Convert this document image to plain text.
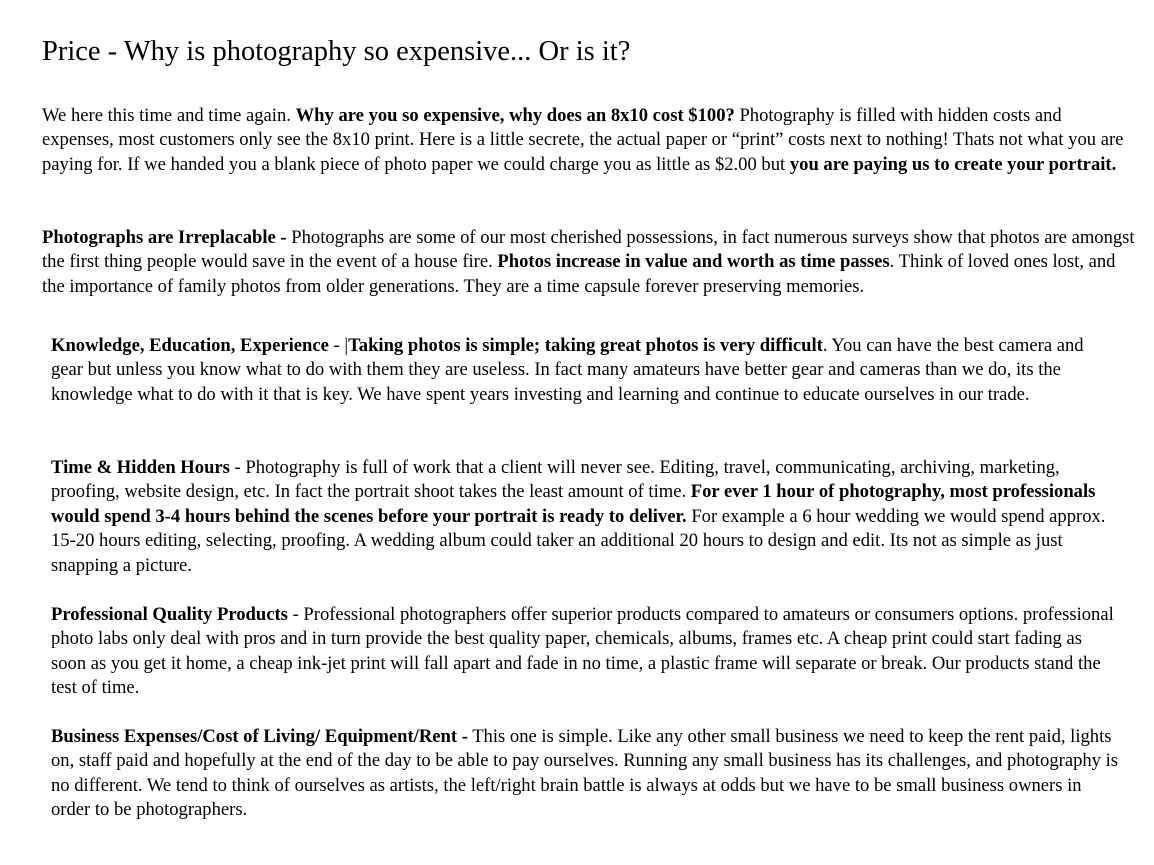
Price - Why is photography so expensive... Or is it?

We here this time and time again. Why are you so expensive, why does an 8x10 cost $100? Photography is filled with hidden costs and expenses, most customers only see the 8x10 print. Here is a little secrete, the actual paper or “print” costs next to nothing! Thats not what you are paying for. If we handed you a blank piece of photo paper we could charge you as little as $2.00 but you are paying us to create your portrait.

Photographs are Irreplacable - Photographs are some of our most cherished possessions, in fact numerous surveys show that photos are amongst the first thing people would save in the event of a house fire. Photos increase in value and worth as time passes. Think of loved ones lost, and the importance of family photos from older generations. They are a time capsule forever preserving memories.

Knowledge, Education, Experience - |Taking photos is simple; taking great photos is very difficult. You can have the best camera and gear but unless you know what to do with them they are useless. In fact many amateurs have better gear and cameras than we do, its the knowledge what to do with it that is key. We have spent years investing and learning and continue to educate ourselves in our trade.

Time & Hidden Hours - Photography is full of work that a client will never see. Editing, travel, communicating, archiving, marketing, proofing, website design, etc. In fact the portrait shoot takes the least amount of time. For ever 1 hour of photography, most professionals would spend 3-4 hours behind the scenes before your portrait is ready to deliver. For example a 6 hour wedding we would spend approx. 15-20 hours editing, selecting, proofing. A wedding album could taker an additional 20 hours to design and edit. Its not as simple as just snapping a picture.

Professional Quality Products - Professional photographers offer superior products compared to amateurs or consumers options. professional photo labs only deal with pros and in turn provide the best quality paper, chemicals, albums, frames etc. A cheap print could start fading as soon as you get it home, a cheap ink-jet print will fall apart and fade in no time, a plastic frame will separate or break. Our products stand the test of time.

Business Expenses/Cost of Living/ Equipment/Rent - This one is simple. Like any other small business we need to keep the rent paid, lights on, staff paid and hopefully at the end of the day to be able to pay ourselves. Running any small business has its challenges, and photography is no different. We tend to think of ourselves as artists, the left/right brain battle is always at odds but we have to be small business owners in order to be photographers.
